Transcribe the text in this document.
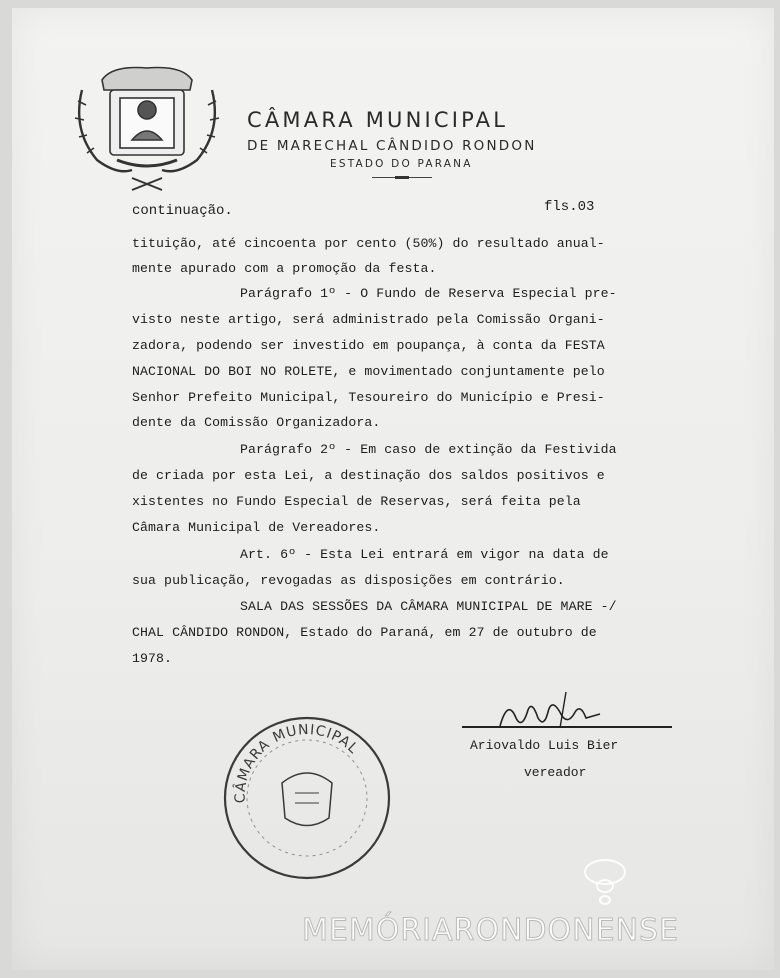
CÂMARA MUNICIPAL
DE MARECHAL CÂNDIDO RONDON
ESTADO DO PARANA
continuação.	fls.03
tituição, até cincoenta por cento (50%) do resultado anual-
mente apurado com a promoção da festa.
Parágrafo 1º - O Fundo de Reserva Especial pre-
visto neste artigo, será administrado pela Comissão Organi-
zadora, podendo ser investido em poupança, à conta da FESTA
NACIONAL DO BOI NO ROLETE, e movimentado conjuntamente pelo
Senhor Prefeito Municipal, Tesoureiro do Município e Presi-
dente da Comissão Organizadora.
Parágrafo 2º - Em caso de extinção da Festivida
de criada por esta Lei, a destinação dos saldos positivos e
xistentes no Fundo Especial de Reservas, será feita pela
Câmara Municipal de Vereadores.
Art. 6º - Esta Lei entrará em vigor na data de
sua publicação, revogadas as disposições em contrário.
SALA DAS SESSÕES DA CÂMARA MUNICIPAL DE MARE -/
CHAL CÂNDIDO RONDON, Estado do Paraná, em 27 de outubro de
1978.
CÂMARA MUNICIPAL	Ariovaldo Luis Bier
vereador
MEMÓRIARONDONENSE
